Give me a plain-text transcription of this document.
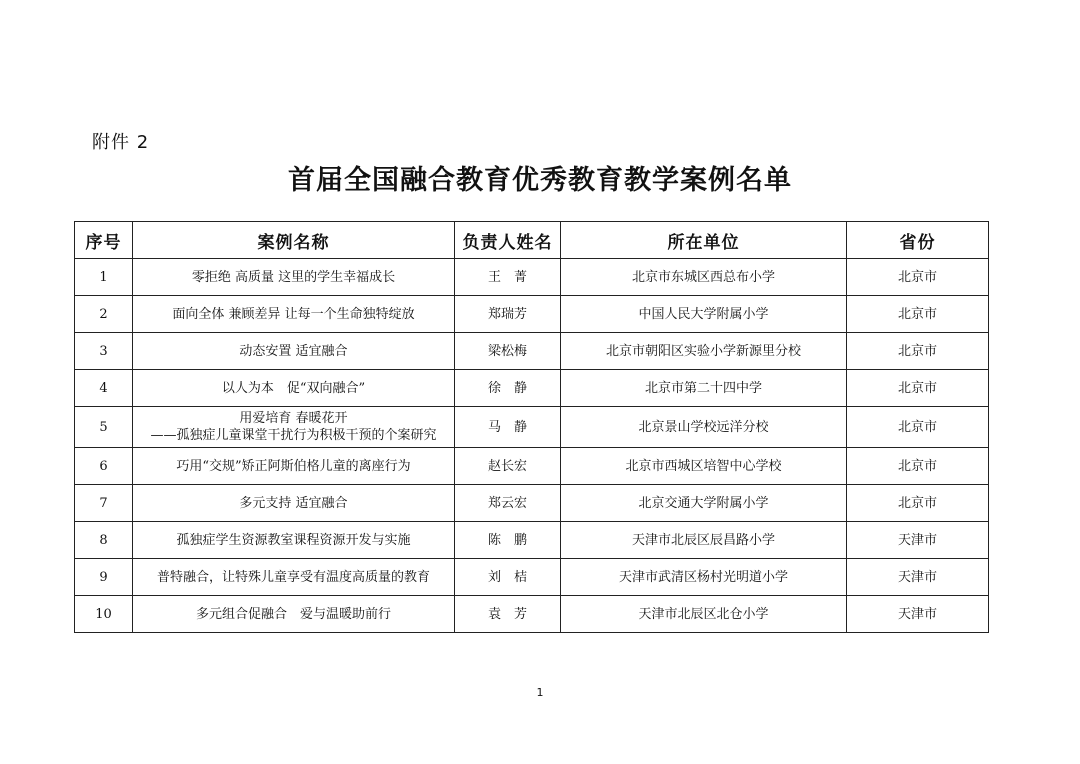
附件 2
首届全国融合教育优秀教育教学案例名单
序号	案例名称	负责人姓名	所在单位	省份
1	零拒绝 高质量 这里的学生幸福成长	王　菁	北京市东城区西总布小学	北京市
2	面向全体 兼顾差异 让每一个生命独特绽放	郑瑞芳	中国人民大学附属小学	北京市
3	动态安置 适宜融合	梁松梅	北京市朝阳区实验小学新源里分校	北京市
4	以人为本　促“双向融合”	徐　静	北京市第二十四中学	北京市
5	用爱培育 春暖花开
——孤独症儿童课堂干扰行为积极干预的个案研究	马　静	北京景山学校远洋分校	北京市
6	巧用“交规”矫正阿斯伯格儿童的离座行为	赵长宏	北京市西城区培智中心学校	北京市
7	多元支持 适宜融合	郑云宏	北京交通大学附属小学	北京市
8	孤独症学生资源教室课程资源开发与实施	陈　鹏	天津市北辰区辰昌路小学	天津市
9	普特融合，让特殊儿童享受有温度高质量的教育	刘　桔	天津市武清区杨村光明道小学	天津市
10	多元组合促融合　爱与温暖助前行	袁　芳	天津市北辰区北仓小学	天津市
1
